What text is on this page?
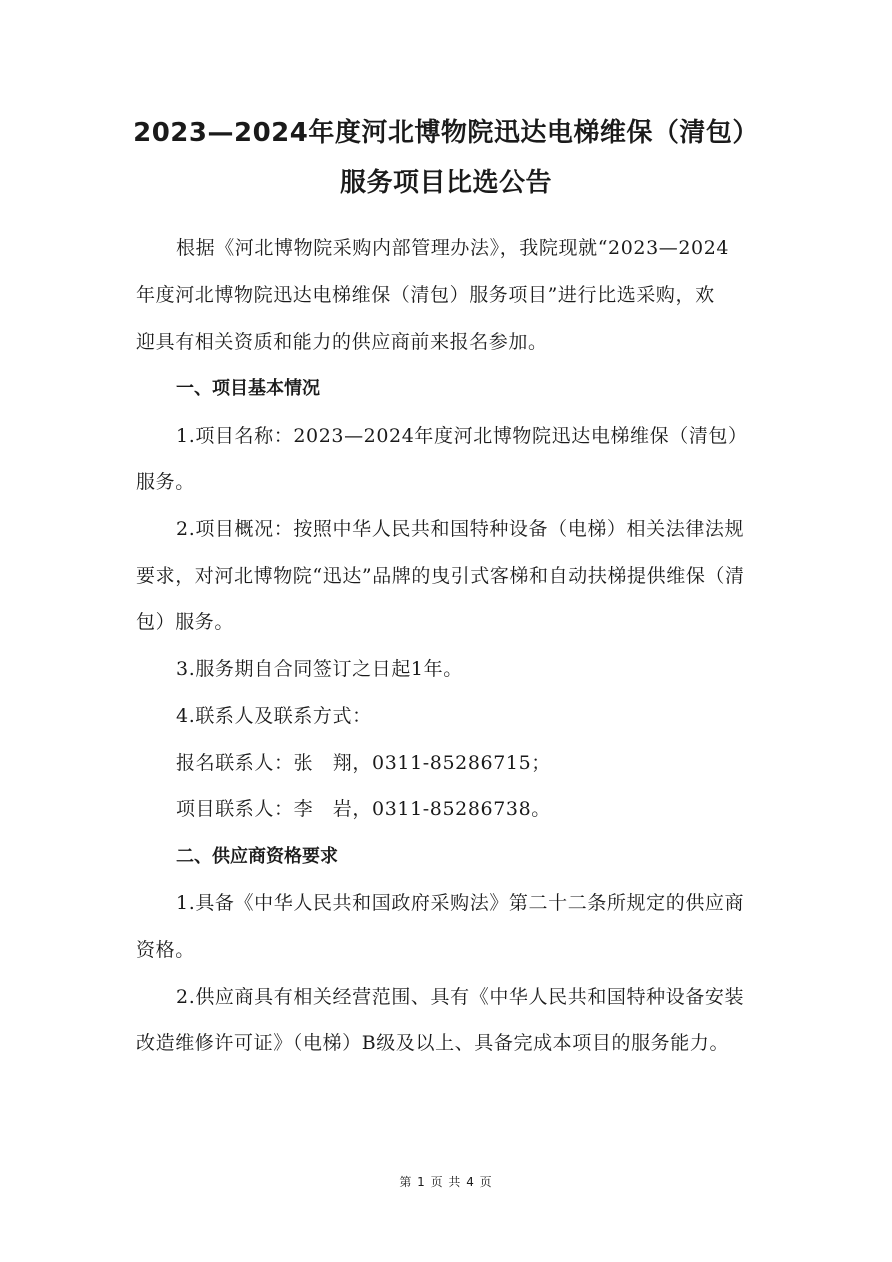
2023—2024年度河北博物院迅达电梯维保（清包）
服务项目比选公告
根据《河北博物院采购内部管理办法》，我院现就“2023—2024
年度河北博物院迅达电梯维保（清包）服务项目”进行比选采购，欢
迎具有相关资质和能力的供应商前来报名参加。
一、项目基本情况
1.项目名称：2023—2024年度河北博物院迅达电梯维保（清包）
服务。
2.项目概况：按照中华人民共和国特种设备（电梯）相关法律法规
要求，对河北博物院“迅达”品牌的曳引式客梯和自动扶梯提供维保（清
包）服务。
3.服务期自合同签订之日起1年。
4.联系人及联系方式：
报名联系人：张　翔，0311-85286715；
项目联系人：李　岩，0311-85286738。
二、供应商资格要求
1.具备《中华人民共和国政府采购法》第二十二条所规定的供应商
资格。
2.供应商具有相关经营范围、具有《中华人民共和国特种设备安装
改造维修许可证》（电梯）B级及以上、具备完成本项目的服务能力。
第 1 页 共 4 页
